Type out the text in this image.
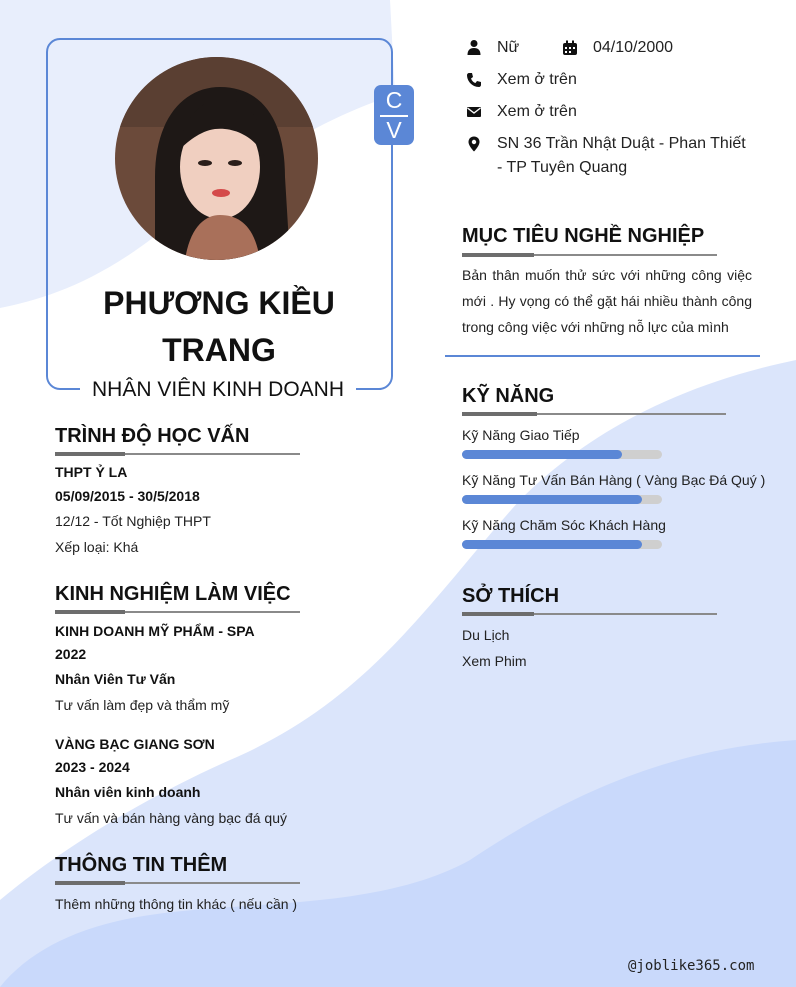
C
V
PHƯƠNG KIỀU
TRANG
NHÂN VIÊN KINH DOANH
Nữ	04/10/2000
Xem ở trên
Xem ở trên
SN 36 Trần Nhật Duật - Phan Thiết
- TP Tuyên Quang
MỤC TIÊU NGHỀ NGHIỆP
Bản thân muốn thử sức với những công việc mới . Hy vọng có thể gặt hái nhiều thành công trong công việc với những nỗ lực của mình
KỸ NĂNG
Kỹ Năng Giao Tiếp
Kỹ Năng Tư Vấn Bán Hàng ( Vàng Bạc Đá Quý )
Kỹ Năng Chăm Sóc Khách Hàng
SỞ THÍCH
Du Lịch
Xem Phim
TRÌNH ĐỘ HỌC VẤN
THPT Ỷ LA
05/09/2015 - 30/5/2018
12/12 - Tốt Nghiệp THPT
Xếp loại: Khá
KINH NGHIỆM LÀM VIỆC
KINH DOANH MỸ PHẨM - SPA
2022
Nhân Viên Tư Vấn
Tư vấn làm đẹp và thẩm mỹ
VÀNG BẠC GIANG SƠN
2023 - 2024
Nhân viên kinh doanh
Tư vấn và bán hàng vàng bạc đá quý
THÔNG TIN THÊM
Thêm những thông tin khác ( nếu cần )
@joblike365.com
